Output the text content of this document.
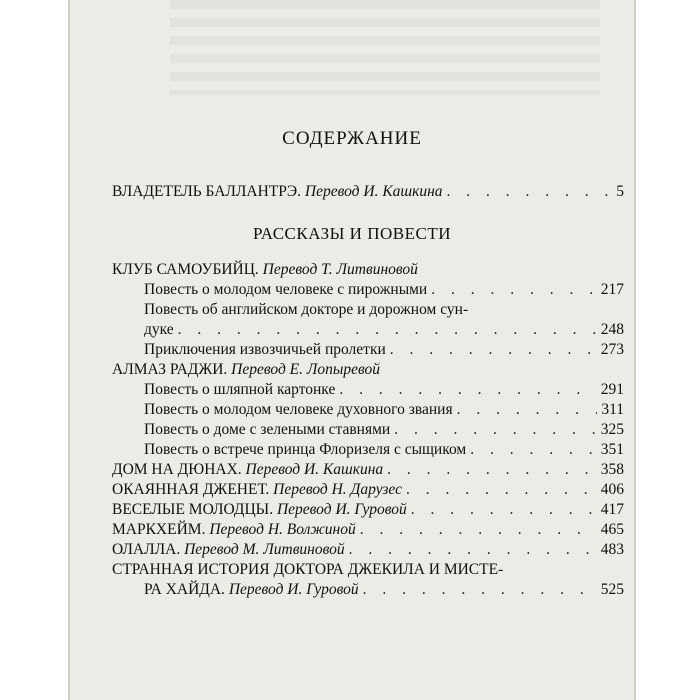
СОДЕРЖАНИЕ
ВЛАДЕТЕЛЬ БАЛЛАНТРЭ. Перевод И. Кашкина . . .	5
РАССКАЗЫ И ПОВЕСТИ
КЛУБ САМОУБИЙЦ. Перевод Т. Литвиновой
Повесть о молодом человеке с пирожными . . .	217
Повесть об английском докторе и дорожном сун-
дуке . . .	248
Приключения извозчичьей пролетки . . .	273
АЛМАЗ РАДЖИ. Перевод Е. Лопыревой
Повесть о шляпной картонке . . .	291
Повесть о молодом человеке духовного звания . . .	311
Повесть о доме с зелеными ставнями . . .	325
Повесть о встрече принца Флоризеля с сыщиком . . .	351
ДОМ НА ДЮНАХ. Перевод И. Кашкина . . .	358
ОКАЯННАЯ ДЖЕНЕТ. Перевод Н. Дарузес . . .	406
ВЕСЕЛЫЕ МОЛОДЦЫ. Перевод И. Гуровой . . .	417
МАРКХЕЙМ. Перевод Н. Волжиной . . .	465
ОЛАЛЛА. Перевод М. Литвиновой . . .	483
СТРАННАЯ ИСТОРИЯ ДОКТОРА ДЖЕКИЛА И МИСТЕ-
РА ХАЙДА. Перевод И. Гуровой . . .	525
